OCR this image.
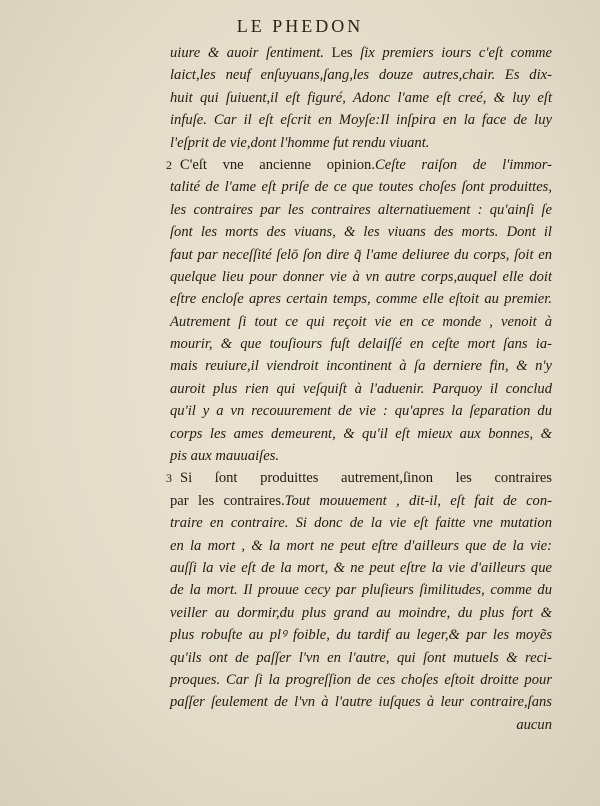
LE PHEDON
uiure & auoir ſentiment. Les ſix premiers iours c'eſt comme
laict,les neuf enſuyuans,ſang,les douze autres,chair. Es dix-
huit qui ſuiuent,il eſt figuré, Adonc l'ame eſt creé, & luy eſt
infuſe. Car il eſt eſcrit en Moyſe:Il inſpira en la face de luy
l'eſprit de vie,dont l'homme fut rendu viuant.
2 C'eſt vne ancienne opinion.Ceſte raiſon de l'immor-
talité de l'ame eſt priſe de ce que toutes choſes ſont produittes,
les contraires par les contraires alternatiuement : qu'ainſi ſe
ſont les morts des viuans, & les viuans des morts. Dont il
faut par neceſſité ſelō ſon dire q̃ l'ame deliuree du corps, ſoit en
quelque lieu pour donner vie à vn autre corps,auquel elle doit
eſtre encloſe apres certain temps, comme elle eſtoit au premier.
Autrement ſi tout ce qui reçoit vie en ce monde , venoit à
mourir, & que touſiours fuſt delaiſſé en ceſte mort ſans ia-
mais reuiure,il viendroit incontinent à ſa derniere fin, & n'y
auroit plus rien qui veſquiſt à l'aduenir. Parquoy il conclud
qu'il y a vn recouurement de vie : qu'apres la ſeparation du
corps les ames demeurent, & qu'il eſt mieux aux bonnes, &
pis aux mauuaiſes.
3 Si ſont produittes autrement,ſinon les contraires
par les contraires.Tout mouuement , dit-il, eſt fait de con-
traire en contraire. Si donc de la vie eſt faitte vne mutation
en la mort , & la mort ne peut eſtre d'ailleurs que de la vie:
auſſi la vie eſt de la mort, & ne peut eſtre la vie d'ailleurs que
de la mort. Il prouue cecy par pluſieurs ſimilitudes, comme du
veiller au dormir,du plus grand au moindre, du plus fort &
plus robuſte au plꝰ foible, du tardif au leger,& par les moyẽs
qu'ils ont de paſſer l'vn en l'autre, qui ſont mutuels & reci-
proques. Car ſi la progreſſion de ces choſes eſtoit droitte pour
paſſer ſeulement de l'vn à l'autre iuſques à leur contraire,ſans
aucun
